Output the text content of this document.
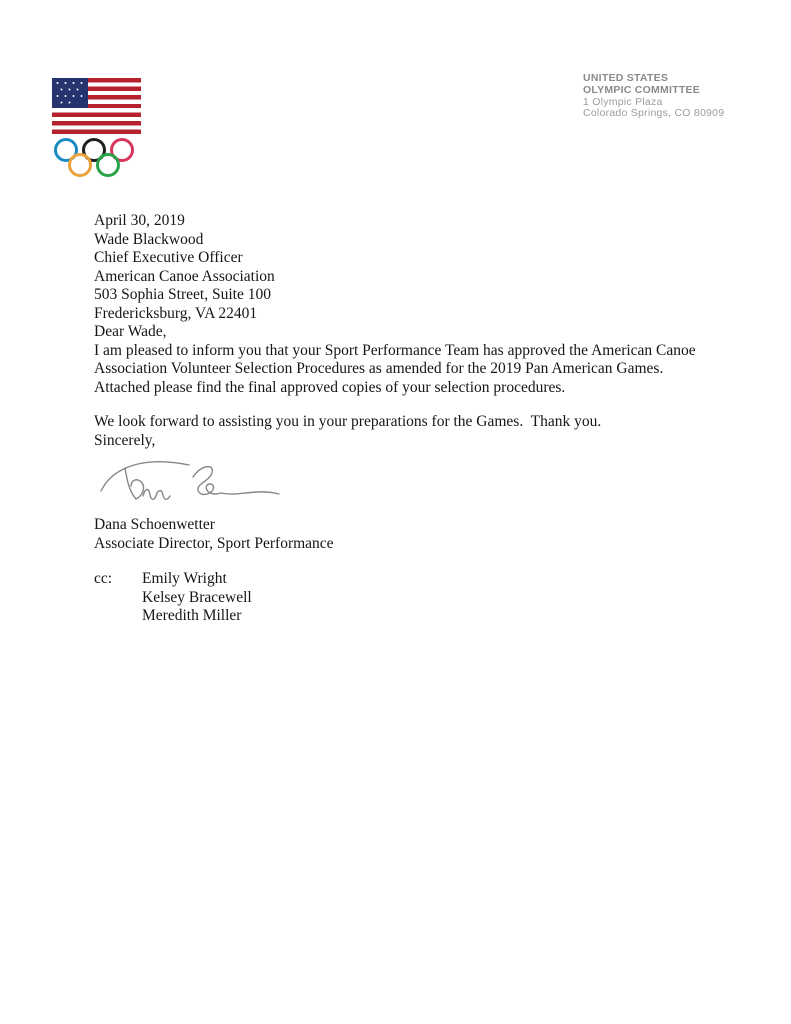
UNITED STATES
OLYMPIC COMMITTEE
1 Olympic Plaza
Colorado Springs, CO 80909
April 30, 2019
Wade Blackwood
Chief Executive Officer
American Canoe Association
503 Sophia Street, Suite 100
Fredericksburg, VA 22401
Dear Wade,
I am pleased to inform you that your Sport Performance Team has approved the American Canoe Association Volunteer Selection Procedures as amended for the 2019 Pan American Games.
Attached please find the final approved copies of your selection procedures.
We look forward to assisting you in your preparations for the Games.  Thank you.
Sincerely,
Dana Schoenwetter
Associate Director, Sport Performance
cc:	Emily Wright
Kelsey Bracewell
Meredith Miller
